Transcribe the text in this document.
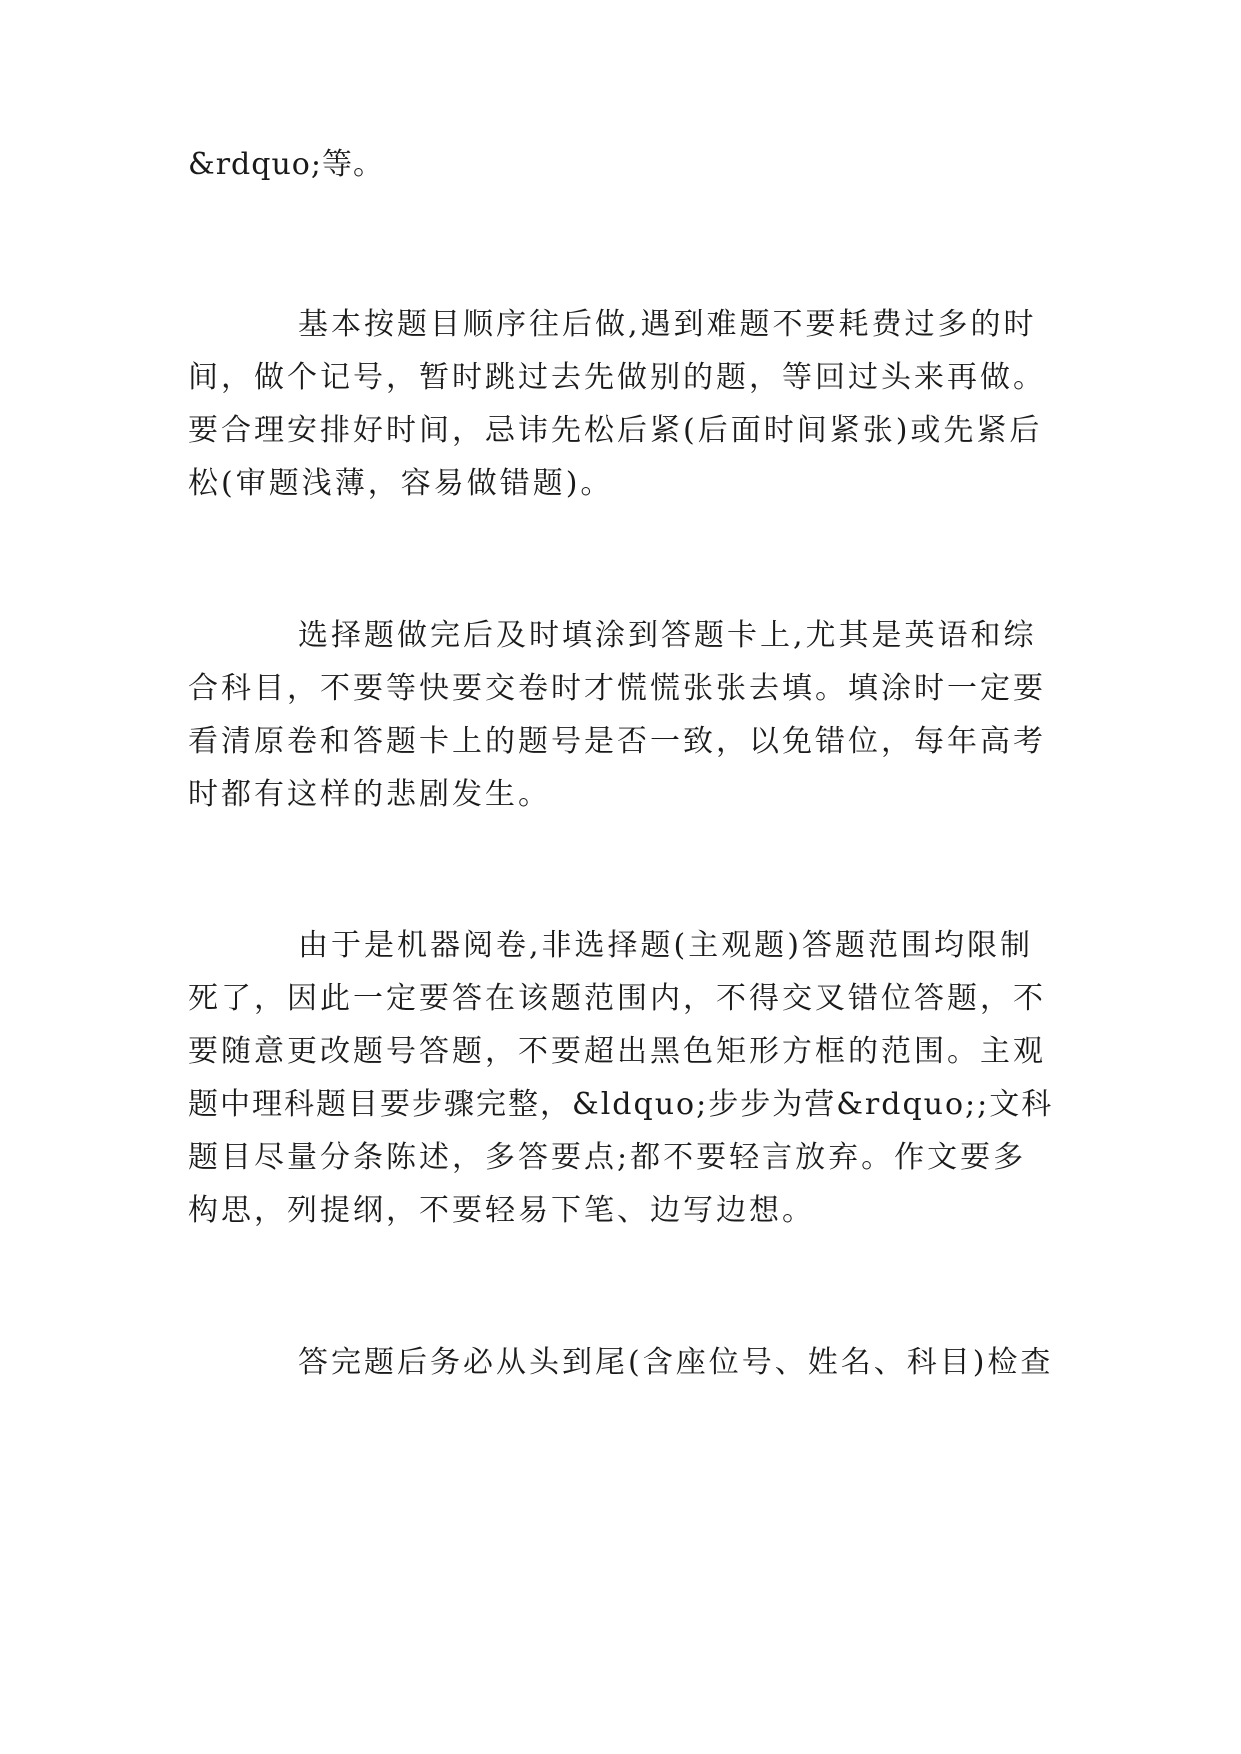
&rdquo;等。
基本按题目顺序往后做,遇到难题不要耗费过多的时
间，做个记号，暂时跳过去先做别的题，等回过头来再做。
要合理安排好时间，忌讳先松后紧(后面时间紧张)或先紧后
松(审题浅薄，容易做错题)。
选择题做完后及时填涂到答题卡上,尤其是英语和综
合科目，不要等快要交卷时才慌慌张张去填。填涂时一定要
看清原卷和答题卡上的题号是否一致，以免错位，每年高考
时都有这样的悲剧发生。
由于是机器阅卷,非选择题(主观题)答题范围均限制
死了，因此一定要答在该题范围内，不得交叉错位答题，不
要随意更改题号答题，不要超出黑色矩形方框的范围。主观
题中理科题目要步骤完整，&ldquo;步步为营&rdquo;;文科
题目尽量分条陈述，多答要点;都不要轻言放弃。作文要多
构思，列提纲，不要轻易下笔、边写边想。
答完题后务必从头到尾(含座位号、姓名、科目)检查
